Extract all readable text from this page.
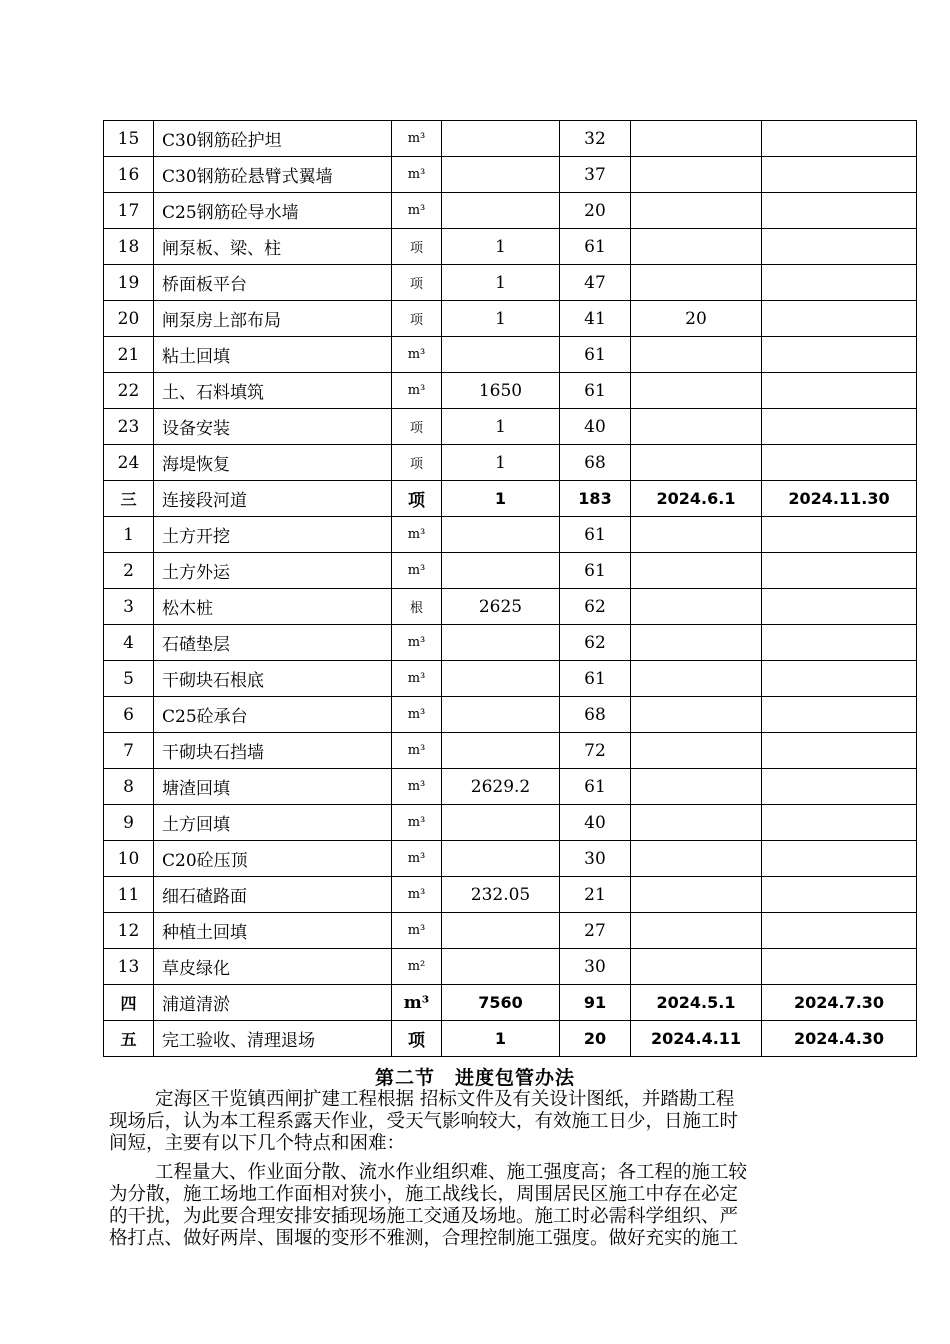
15	C30钢筋砼护坦	m³		32		
16	C30钢筋砼悬臂式翼墙	m³		37		
17	C25钢筋砼导水墙	m³		20		
18	闸泵板、梁、柱	项	1	61		
19	桥面板平台	项	1	47		
20	闸泵房上部布局	项	1	41	20	
21	粘土回填	m³		61		
22	土、石料填筑	m³	1650	61		
23	设备安装	项	1	40		
24	海堤恢复	项	1	68		
三	连接段河道	项	1	183	2024.6.1	2024.11.30
1	土方开挖	m³		61		
2	土方外运	m³		61		
3	松木桩	根	2625	62		
4	石碴垫层	m³		62		
5	干砌块石根底	m³		61		
6	C25砼承台	m³		68		
7	干砌块石挡墙	m³		72		
8	塘渣回填	m³	2629.2	61		
9	土方回填	m³		40		
10	C20砼压顶	m³		30		
11	细石碴路面	m³	232.05	21		
12	种植土回填	m³		27		
13	草皮绿化	m²		30		
四	浦道清淤	m³	7560	91	2024.5.1	2024.7.30
五	完工验收、清理退场	项	1	20	2024.4.11	2024.4.30
第二节　进度包管办法
定海区干览镇西闸扩建工程根据 招标文件及有关设计图纸，并踏勘工程
现场后，认为本工程系露天作业，受天气影响较大，有效施工日少，日施工时
间短，主要有以下几个特点和困难：
工程量大、作业面分散、流水作业组织难、施工强度高；各工程的施工较
为分散，施工场地工作面相对狭小，施工战线长，周围居民区施工中存在必定
的干扰，为此要合理安排安插现场施工交通及场地。施工时必需科学组织、严
格打点、做好两岸、围堰的变形不雅测，合理控制施工强度。做好充实的施工
